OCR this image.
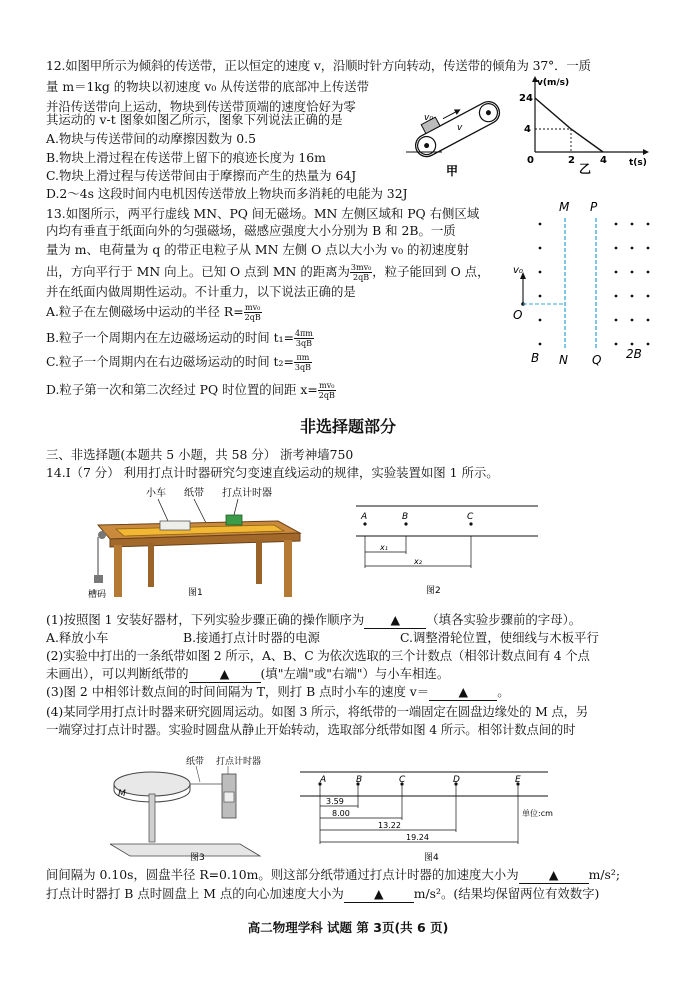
12.如图甲所示为倾斜的传送带，正以恒定的速度 v，沿顺时针方向转动，传送带的倾角为 37°．一质
量 m＝1kg 的物块以初速度 v₀ 从传送带的底部冲上传送带
并沿传送带向上运动，物块到传送带顶端的速度恰好为零
其运动的 v-t 图象如图乙所示，图象下列说法正确的是
A.物块与传送带间的动摩擦因数为 0.5
B.物块上滑过程在传送带上留下的痕迹长度为 16m
C.物块上滑过程与传送带间由于摩擦而产生的热量为 64J
D.2～4s 这段时间内电机因传送带放上物块而多消耗的电能为 32J
v₀
v
甲
v(m/s)
t(s)
24
4
0	2	4
乙
13.如图所示，两平行虚线 MN、PQ 间无磁场。MN 左侧区域和 PQ 右侧区域
内均有垂直于纸面向外的匀强磁场，磁感应强度大小分别为 B 和 2B。一质
量为 m、电荷量为 q 的带正电粒子从 MN 左侧 O 点以大小为 v₀ 的初速度射
出，方向平行于 MN 向上。已知 O 点到 MN 的距离为 $\frac{\text{3mv₀}}{2qB}$ ，粒子能回到 O 点，
并在纸面内做周期性运动。不计重力，以下说法正确的是
A.粒子在左侧磁场中运动的半径 $R= \frac{\text{mv₀}}{2qB}$
B.粒子一个周期内在左边磁场运动的时间 $t_1= \frac{4\pi m}{3qB}$
C.粒子一个周期内在右边磁场运动的时间 $t_2= \frac{\pi m}{3qB}$
D.粒子第一次和第二次经过 PQ 时位置的间距 $x= \frac{\text{mv₀}}{2qB}$
M P
v₀
O
B N Q 2B
非选择题部分
三、非选择题(本题共 5 小题，共 58 分） 浙考神墙750
14.Ⅰ（7 分） 利用打点计时器研究匀变速直线运动的规律，实验装置如图 1 所示。
小车 纸带 打点计时器
槽码	图1
A	B	C
x₁
x₂
图2
(1)按照图 1 安装好器材，下列实验步骤正确的操作顺序为 ▲ （填各实验步骤前的字母）。
A.释放小车	B.接通打点计时器的电源	C.调整滑轮位置，使细线与木板平行
(2)实验中打出的一条纸带如图 2 所示，A、B、C 为依次选取的三个计数点（相邻计数点间有 4 个点
未画出），可以判断纸带的	▲	(填"左端"或"右端"）与小车相连。
(3)图 2 中相邻计数点间的时间间隔为 T，则打 B 点时小车的速度 v＝ ▲ 。
(4)某同学用打点计时器来研究圆周运动。如图 3 所示，将纸带的一端固定在圆盘边缘处的 M 点，另
一端穿过打点计时器。实验时圆盘从静止开始转动，选取部分纸带如图 4 所示。相邻计数点间的时
纸带 打点计时器
M
图3
A	B	C	D	E
3.59
8.00
13.22
19.24
单位:cm
图4
间间隔为 0.10s，圆盘半径 R=0.10m。则这部分纸带通过打点计时器的加速度大小为 ▲ m/s²;
打点计时器打 B 点时圆盘上 M 点的向心加速度大小为 ▲ m/s²。(结果均保留两位有效数字)
高二物理学科 试题 第 3页(共 6 页)
